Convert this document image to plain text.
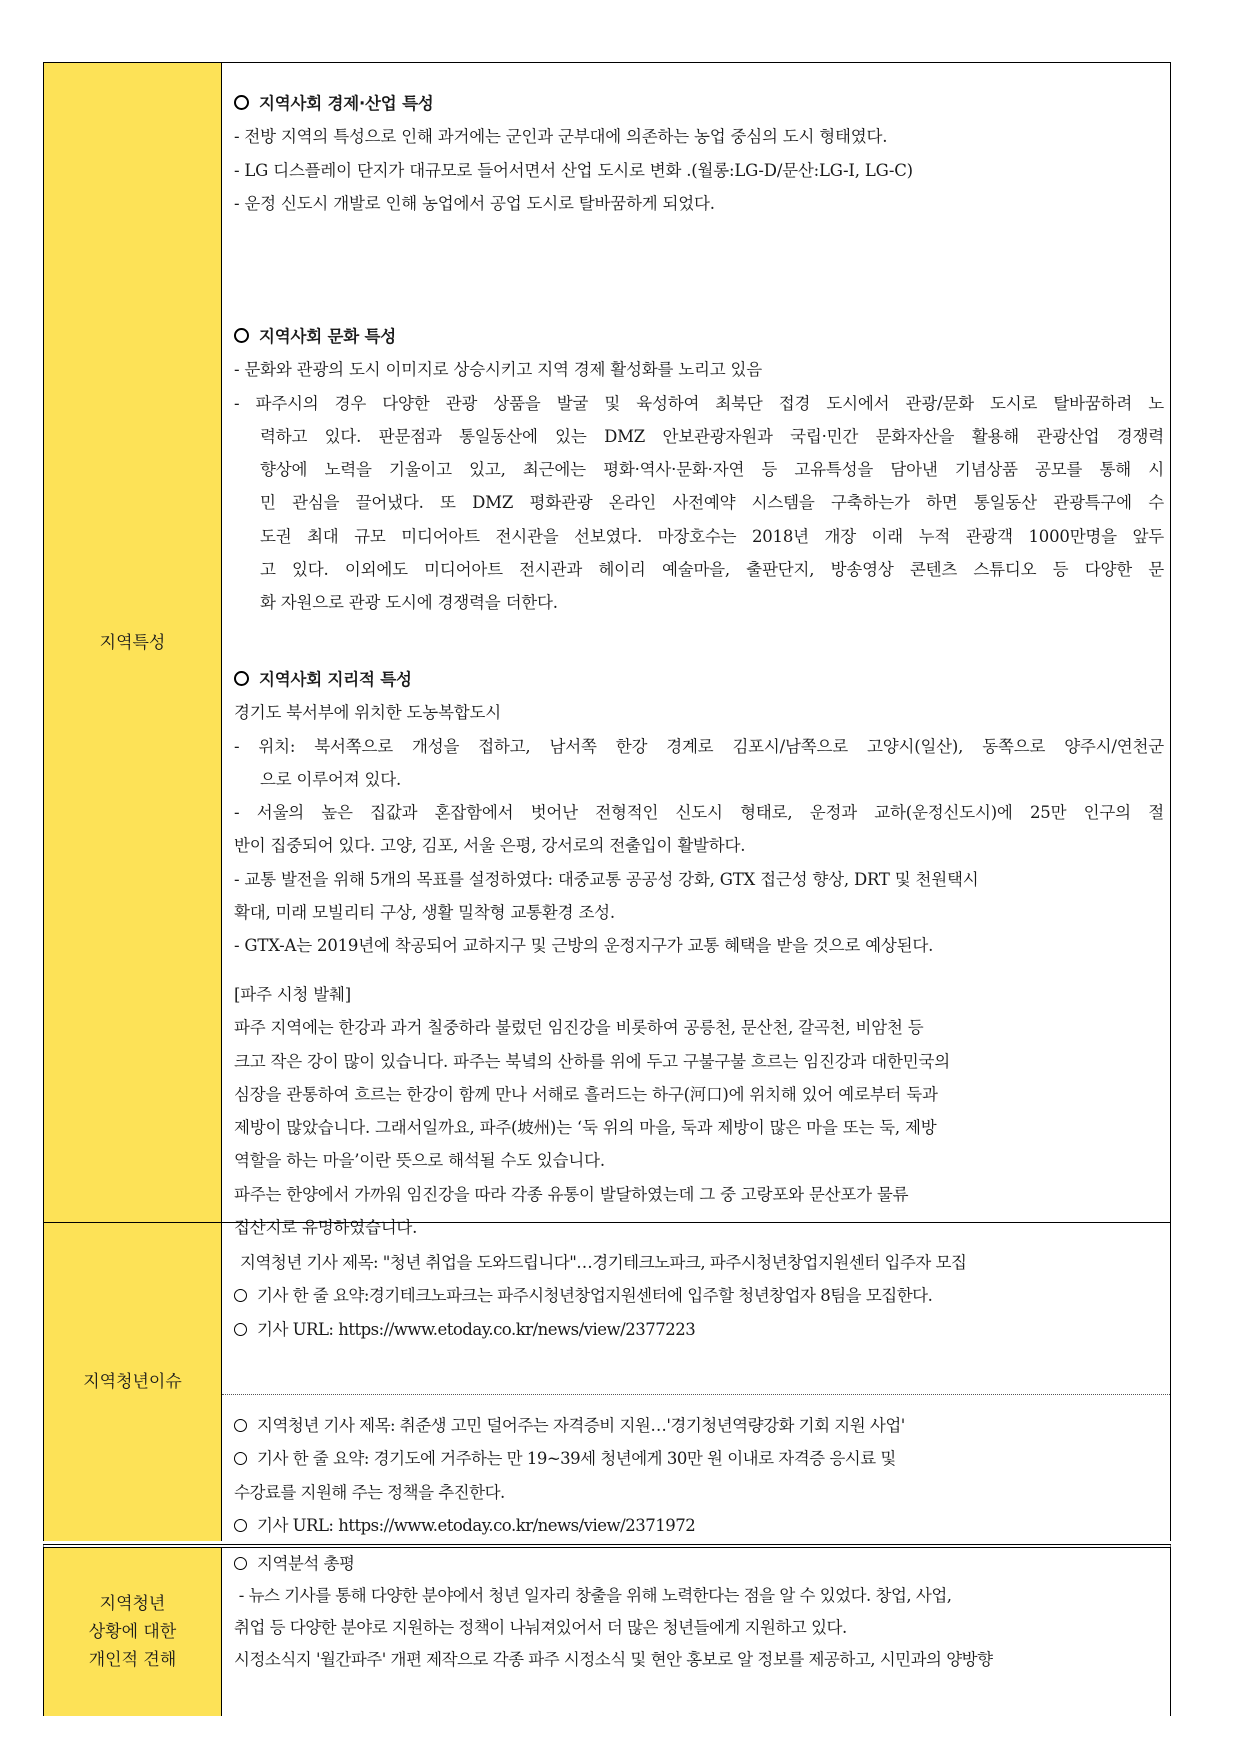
지역특성
지역사회 경제·산업 특성
- 전방 지역의 특성으로 인해 과거에는 군인과 군부대에 의존하는 농업 중심의 도시 형태였다.
- LG 디스플레이 단지가 대규모로 들어서면서 산업 도시로 변화 .(월롱:LG-D/문산:LG-I, LG-C)
- 운정 신도시 개발로 인해 농업에서 공업 도시로 탈바꿈하게 되었다.
지역사회 문화 특성
- 문화와 관광의 도시 이미지로 상승시키고 지역 경제 활성화를 노리고 있음
- 파주시의 경우 다양한 관광 상품을 발굴 및 육성하여 최북단 접경 도시에서 관광/문화 도시로 탈바꿈하려 노
력하고 있다. 판문점과 통일동산에 있는 DMZ 안보관광자원과 국립·민간 문화자산을 활용해 관광산업 경쟁력
향상에 노력을 기울이고 있고, 최근에는 평화·역사·문화·자연 등 고유특성을 담아낸 기념상품 공모를 통해 시
민 관심을 끌어냈다. 또 DMZ 평화관광 온라인 사전예약 시스템을 구축하는가 하면 통일동산 관광특구에 수
도권 최대 규모 미디어아트 전시관을 선보였다. 마장호수는 2018년 개장 이래 누적 관광객 1000만명을 앞두
고 있다. 이외에도 미디어아트 전시관과 헤이리 예술마을, 출판단지, 방송영상 콘텐츠 스튜디오 등 다양한 문
화 자원으로 관광 도시에 경쟁력을 더한다.
지역사회 지리적 특성
경기도 북서부에 위치한 도농복합도시
- 위치: 북서쪽으로 개성을 접하고, 남서쪽 한강 경계로 김포시/남쪽으로 고양시(일산), 동쪽으로 양주시/연천군
으로 이루어져 있다.
- 서울의 높은 집값과 혼잡함에서 벗어난 전형적인 신도시 형태로, 운정과 교하(운정신도시)에 25만 인구의 절
반이 집중되어 있다. 고양, 김포, 서울 은평, 강서로의 전출입이 활발하다.
- 교통 발전을 위해 5개의 목표를 설정하였다: 대중교통 공공성 강화, GTX 접근성 향상, DRT 및 천원택시
확대, 미래 모빌리티 구상, 생활 밀착형 교통환경 조성.
- GTX-A는 2019년에 착공되어 교하지구 및 근방의 운정지구가 교통 혜택을 받을 것으로 예상된다.
[파주 시청 발췌]
파주 지역에는 한강과 과거 칠중하라 불렀던 임진강을 비롯하여 공릉천, 문산천, 갈곡천, 비암천 등
크고 작은 강이 많이 있습니다. 파주는 북녘의 산하를 위에 두고 구불구불 흐르는 임진강과 대한민국의
심장을 관통하여 흐르는 한강이 함께 만나 서해로 흘러드는 하구(河口)에 위치해 있어 예로부터 둑과
제방이 많았습니다. 그래서일까요, 파주(坡州)는 ‘둑 위의 마을, 둑과 제방이 많은 마을 또는 둑, 제방
역할을 하는 마을’이란 뜻으로 해석될 수도 있습니다.
파주는 한양에서 가까워 임진강을 따라 각종 유통이 발달하였는데 그 중 고랑포와 문산포가 물류
집산지로 유명하였습니다.
지역청년이슈
지역청년 기사 제목: "청년 취업을 도와드립니다"…경기테크노파크, 파주시청년창업지원센터 입주자 모집
기사 한 줄 요약:경기테크노파크는 파주시청년창업지원센터에 입주할 청년창업자 8팀을 모집한다.
기사 URL: https://www.etoday.co.kr/news/view/2377223
지역청년 기사 제목: 취준생 고민 덜어주는 자격증비 지원…'경기청년역량강화 기회 지원 사업'
기사 한 줄 요약: 경기도에 거주하는 만 19~39세 청년에게 30만 원 이내로 자격증 응시료 및
수강료를 지원해 주는 정책을 추진한다.
기사 URL: https://www.etoday.co.kr/news/view/2371972
지역청년
상황에 대한
개인적 견해
지역분석 총평
- 뉴스 기사를 통해 다양한 분야에서 청년 일자리 창출을 위해 노력한다는 점을 알 수 있었다. 창업, 사업,
취업 등 다양한 분야로 지원하는 정책이 나눠져있어서 더 많은 청년들에게 지원하고 있다.
시정소식지 '월간파주' 개편 제작으로 각종 파주 시정소식 및 현안 홍보로 알 정보를 제공하고, 시민과의 양방향
